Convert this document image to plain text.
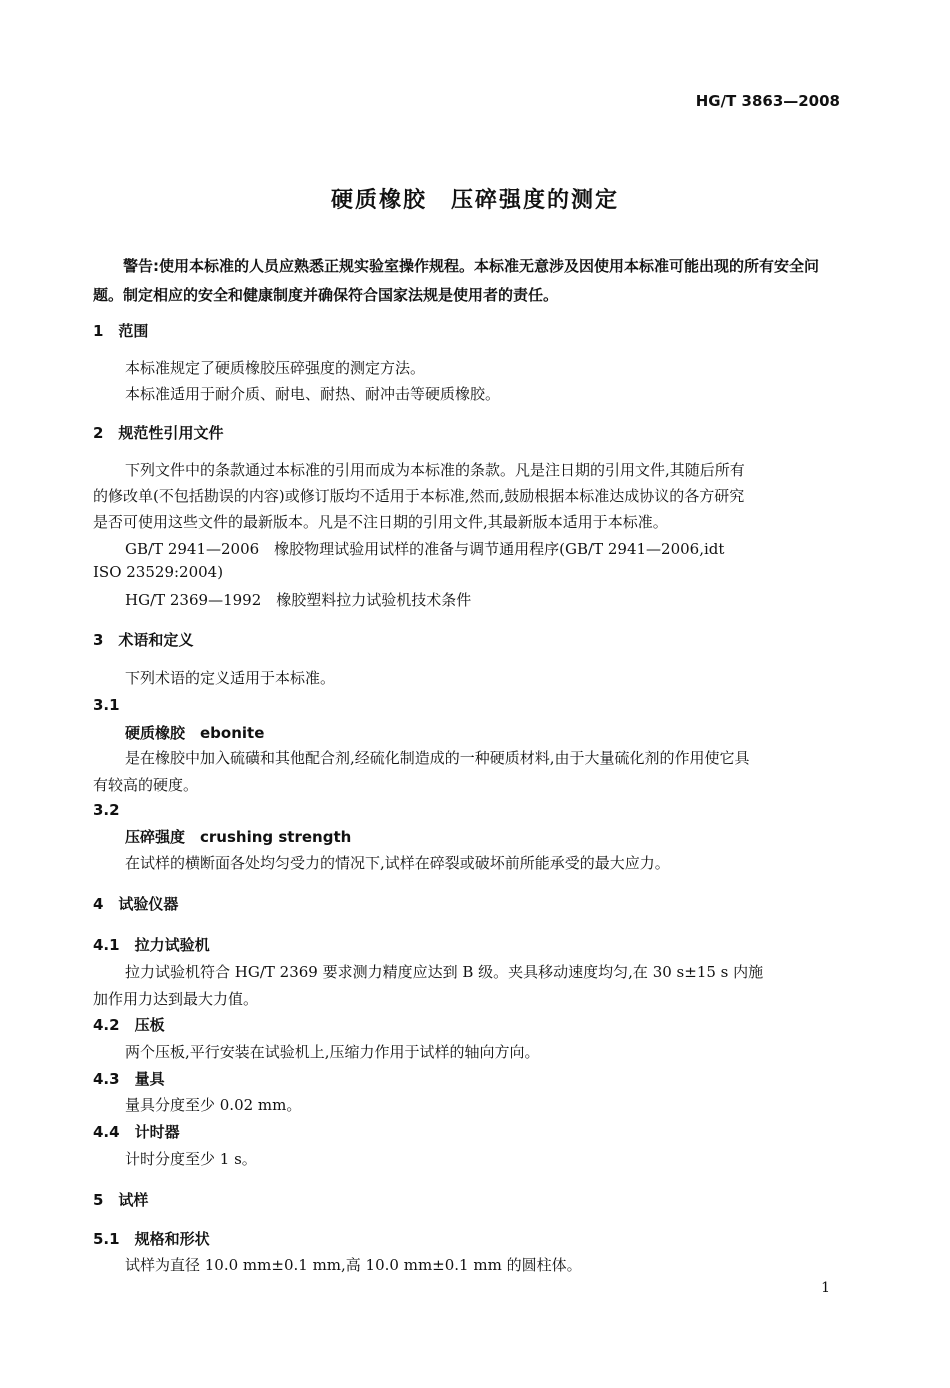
HG/T 3863—2008
硬质橡胶　压碎强度的测定
警告:使用本标准的人员应熟悉正规实验室操作规程。本标准无意涉及因使用本标准可能出现的所有安全问题。制定相应的安全和健康制度并确保符合国家法规是使用者的责任。
1　范围
本标准规定了硬质橡胶压碎强度的测定方法。
本标准适用于耐介质、耐电、耐热、耐冲击等硬质橡胶。
2　规范性引用文件
下列文件中的条款通过本标准的引用而成为本标准的条款。凡是注日期的引用文件,其随后所有
的修改单(不包括勘误的内容)或修订版均不适用于本标准,然而,鼓励根据本标准达成协议的各方研究
是否可使用这些文件的最新版本。凡是不注日期的引用文件,其最新版本适用于本标准。
GB/T 2941—2006　橡胶物理试验用试样的准备与调节通用程序(GB/T 2941—2006,idt
ISO 23529:2004)
HG/T 2369—1992　橡胶塑料拉力试验机技术条件
3　术语和定义
下列术语的定义适用于本标准。
3.1
硬质橡胶　ebonite
是在橡胶中加入硫磺和其他配合剂,经硫化制造成的一种硬质材料,由于大量硫化剂的作用使它具
有较高的硬度。
3.2
压碎强度　crushing strength
在试样的横断面各处均匀受力的情况下,试样在碎裂或破坏前所能承受的最大应力。
4　试验仪器
4.1　拉力试验机
拉力试验机符合 HG/T 2369 要求测力精度应达到 B 级。夹具移动速度均匀,在 30 s±15 s 内施
加作用力达到最大力值。
4.2　压板
两个压板,平行安装在试验机上,压缩力作用于试样的轴向方向。
4.3　量具
量具分度至少 0.02 mm。
4.4　计时器
计时分度至少 1 s。
5　试样
5.1　规格和形状
试样为直径 10.0 mm±0.1 mm,高 10.0 mm±0.1 mm 的圆柱体。
1
